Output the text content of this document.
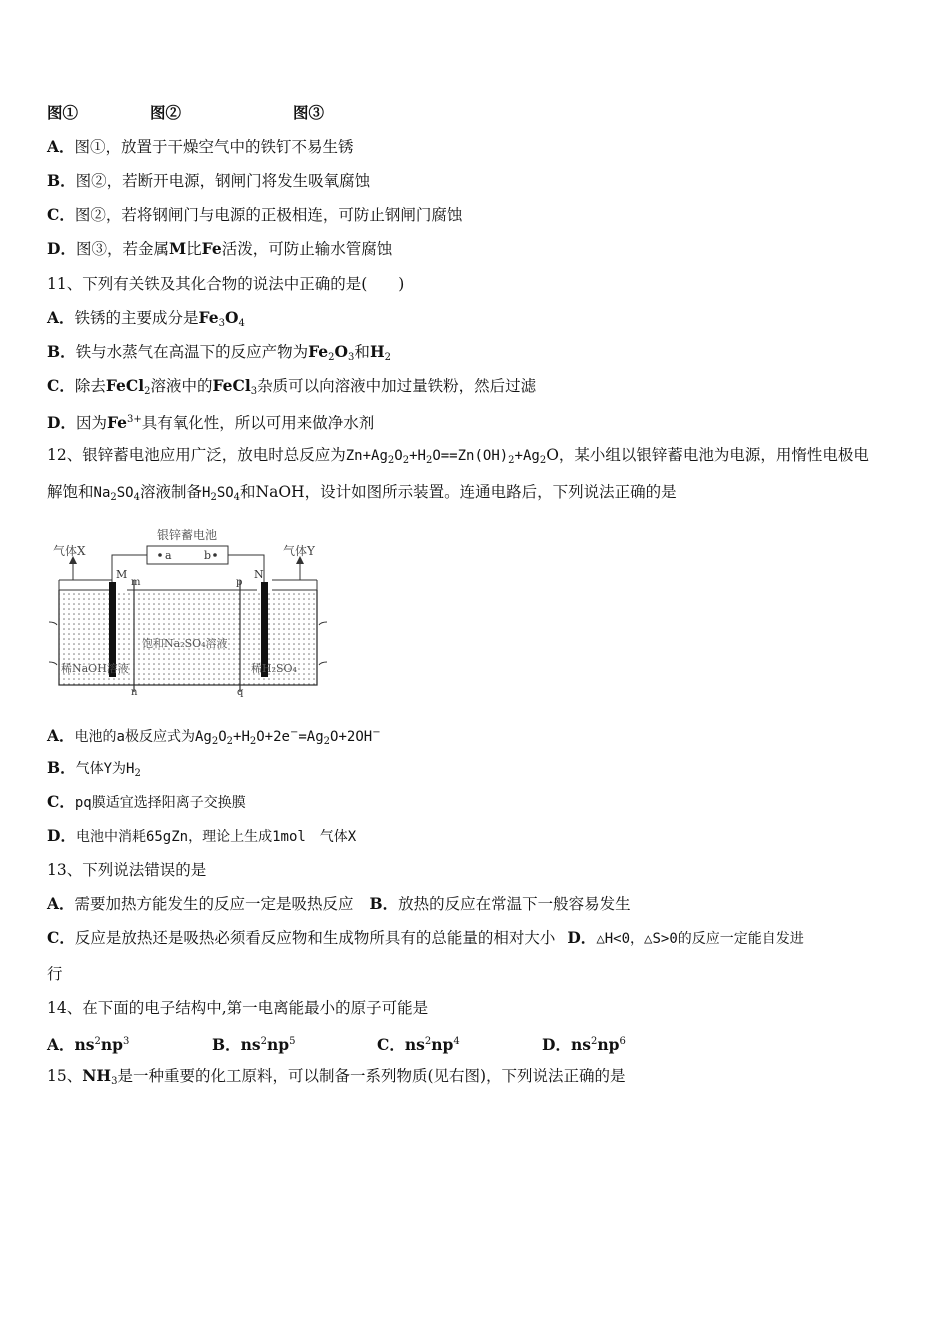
图①	图②	图③
A．图①，放置于干燥空气中的铁钉不易生锈
B．图②，若断开电源，钢闸门将发生吸氧腐蚀
C．图②，若将钢闸门与电源的正极相连，可防止钢闸门腐蚀
D．图③，若金属M比Fe活泼，可防止输水管腐蚀
11、下列有关铁及其化合物的说法中正确的是(　　)
A．铁锈的主要成分是$Fe_3O_4$
B．铁与水蒸气在高温下的反应产物为$Fe_2O_3$和$H_2$
C．除去FeCl$_2$溶液中的FeCl$_3$杂质可以向溶液中加过量铁粉，然后过滤
D．因为$Fe^{3+}$具有氧化性，所以可用来做净水剂
12、银锌蓄电池应用广泛，放电时总反应为$Zn+Ag_2O_2+H_2O==Zn(OH)_2+Ag_2O$，某小组以银锌蓄电池为电源，用惰性电极电
解饱和$Na_2SO_4$溶液制备$H_2SO_4$和NaOH，设计如图所示装置。连通电路后，下列说法正确的是
银锌蓄电池
a	b
气体X	气体Y
M
m	p
N
n	q
稀NaOH溶液
饱和Na₂SO₄溶液
稀H₂SO₄
A．电池的a极反应式为$Ag_2O_2+H_2O+2e^-=Ag_2O+2OH^-$
B．气体Y为$H_2$
C．pq膜适宜选择阳离子交换膜
D．电池中消耗65gZn，理论上生成1mol　气体X
13、下列说法错误的是
A．需要加热方能发生的反应一定是吸热反应 B．放热的反应在常温下一般容易发生
C．反应是放热还是吸热必须看反应物和生成物所具有的总能量的相对大小 D．△H<0，△S>0的反应一定能自发进
行
14、在下面的电子结构中,第一电离能最小的原子可能是
A．$ns^2np^3$	B．$ns^2np^5$	C．$ns^2np^4$	D．$ns^2np^6$
15、$NH_3$是一种重要的化工原料，可以制备一系列物质(见右图)，下列说法正确的是
